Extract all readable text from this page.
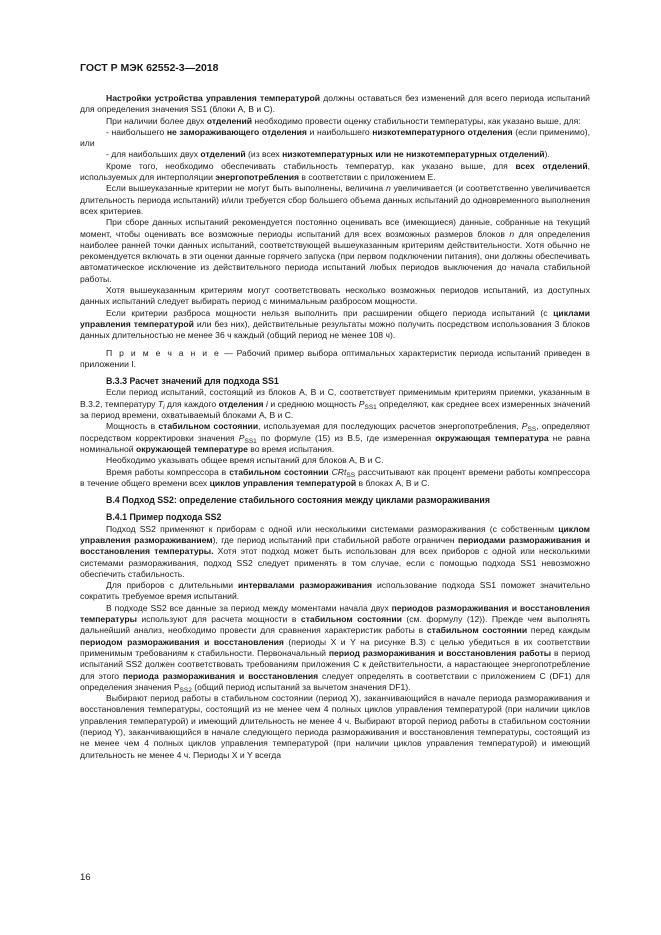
ГОСТ Р МЭК 62552-3—2018

Настройки устройства управления температурой должны оставаться без изменений для всего периода испытаний для определения значения SS1 (блоки А, В и С).

При наличии более двух отделений необходимо провести оценку стабильности температуры, как указано выше, для:

- наибольшего не замораживающего отделения и наибольшего низкотемпературного отделения (если применимо), или

- для наибольших двух отделений (из всех низкотемпературных или не низкотемпературных отделений).

Кроме того, необходимо обеспечивать стабильность температур, как указано выше, для всех отделений, используемых для интерполяции энергопотребления в соответствии с приложением Е.

Если вышеуказанные критерии не могут быть выполнены, величина n увеличивается (и соответственно увеличивается длительность периода испытаний) и/или требуется сбор большего объема данных испытаний до одновременного выполнения всех критериев.

При сборе данных испытаний рекомендуется постоянно оценивать все (имеющиеся) данные, собранные на текущий момент, чтобы оценивать все возможные периоды испытаний для всех возможных размеров блоков n для определения наиболее ранней точки данных испытаний, соответствующей вышеуказанным критериям действительности. Хотя обычно не рекомендуется включать в эти оценки данные горячего запуска (при первом подключении питания), они должны обеспечивать автоматическое исключение из действительного периода испытаний любых периодов выключения до начала стабильной работы.

Хотя вышеуказанным критериям могут соответствовать несколько возможных периодов испытаний, из доступных данных испытаний следует выбирать период с минимальным разбросом мощности.

Если критерии разброса мощности нельзя выполнить при расширении общего периода испытаний (с циклами управления температурой или без них), действительные результаты можно получить посредством использования 3 блоков данных длительностью не менее 36 ч каждый (общий период не менее 108 ч).

П р и м е ч а н и е — Рабочий пример выбора оптимальных характеристик периода испытаний приведен в приложении I.

В.3.3 Расчет значений для подхода SS1

Если период испытаний, состоящий из блоков А, В и С, соответствует применимым критериям приемки, указанным в В.3.2, температуру $T_i$ для каждого отделения i и среднюю мощность $P_{SS1}$ определяют, как среднее всех измеренных значений за период времени, охватываемый блоками А, В и С.

Мощность в стабильном состоянии, используемая для последующих расчетов энергопотребления, $P_{SS}$, определяют посредством корректировки значения $P_{SS1}$ по формуле (15) из В.5, где измеренная окружающая температура не равна номинальной окружающей температуре во время испытания.

Необходимо указывать общее время испытаний для блоков А, В и С.

Время работы компрессора в стабильном состоянии CRt$_{SS}$ рассчитывают как процент времени работы компрессора в течение общего времени всех циклов управления температурой в блоках А, В и С.

В.4 Подход SS2: определение стабильного состояния между циклами размораживания

В.4.1 Пример подхода SS2

Подход SS2 применяют к приборам с одной или несколькими системами размораживания (с собственным циклом управления размораживанием), где период испытаний при стабильной работе ограничен периодами размораживания и восстановления температуры. Хотя этот подход может быть использован для всех приборов с одной или несколькими системами размораживания, подход SS2 следует применять в том случае, если с помощью подхода SS1 невозможно обеспечить стабильность.

Для приборов с длительными интервалами размораживания использование подхода SS1 поможет значительно сократить требуемое время испытаний.

В подходе SS2 все данные за период между моментами начала двух периодов размораживания и восстановления температуры используют для расчета мощности в стабильном состоянии (см. формулу (12)). Прежде чем выполнять дальнейший анализ, необходимо провести для сравнения характеристик работы в стабильном состоянии перед каждым периодом размораживания и восстановления (периоды Х и Y на рисунке В.3) с целью убедиться в их соответствии применимым требованиям к стабильности. Первоначальный период размораживания и восстановления работы в период испытаний SS2 должен соответствовать требованиям приложения С к действительности, а нарастающее энергопотребление для этого периода размораживания и восстановления следует определять в соответствии с приложением С (DF1) для определения значения $P_{SS2}$ (общий период испытаний за вычетом значения DF1).

Выбирают период работы в стабильном состоянии (период Х), заканчивающийся в начале периода размораживания и восстановления температуры, состоящий из не менее чем 4 полных циклов управления температурой (при наличии циклов управления температурой) и имеющий длительность не менее 4 ч. Выбирают второй период работы в стабильном состоянии (период Y), заканчивающийся в начале следующего периода размораживания и восстановления температуры, состоящий из не менее чем 4 полных циклов управления температурой (при наличии циклов управления температурой) и имеющий длительность не менее 4 ч. Периоды Х и Y всегда

16
